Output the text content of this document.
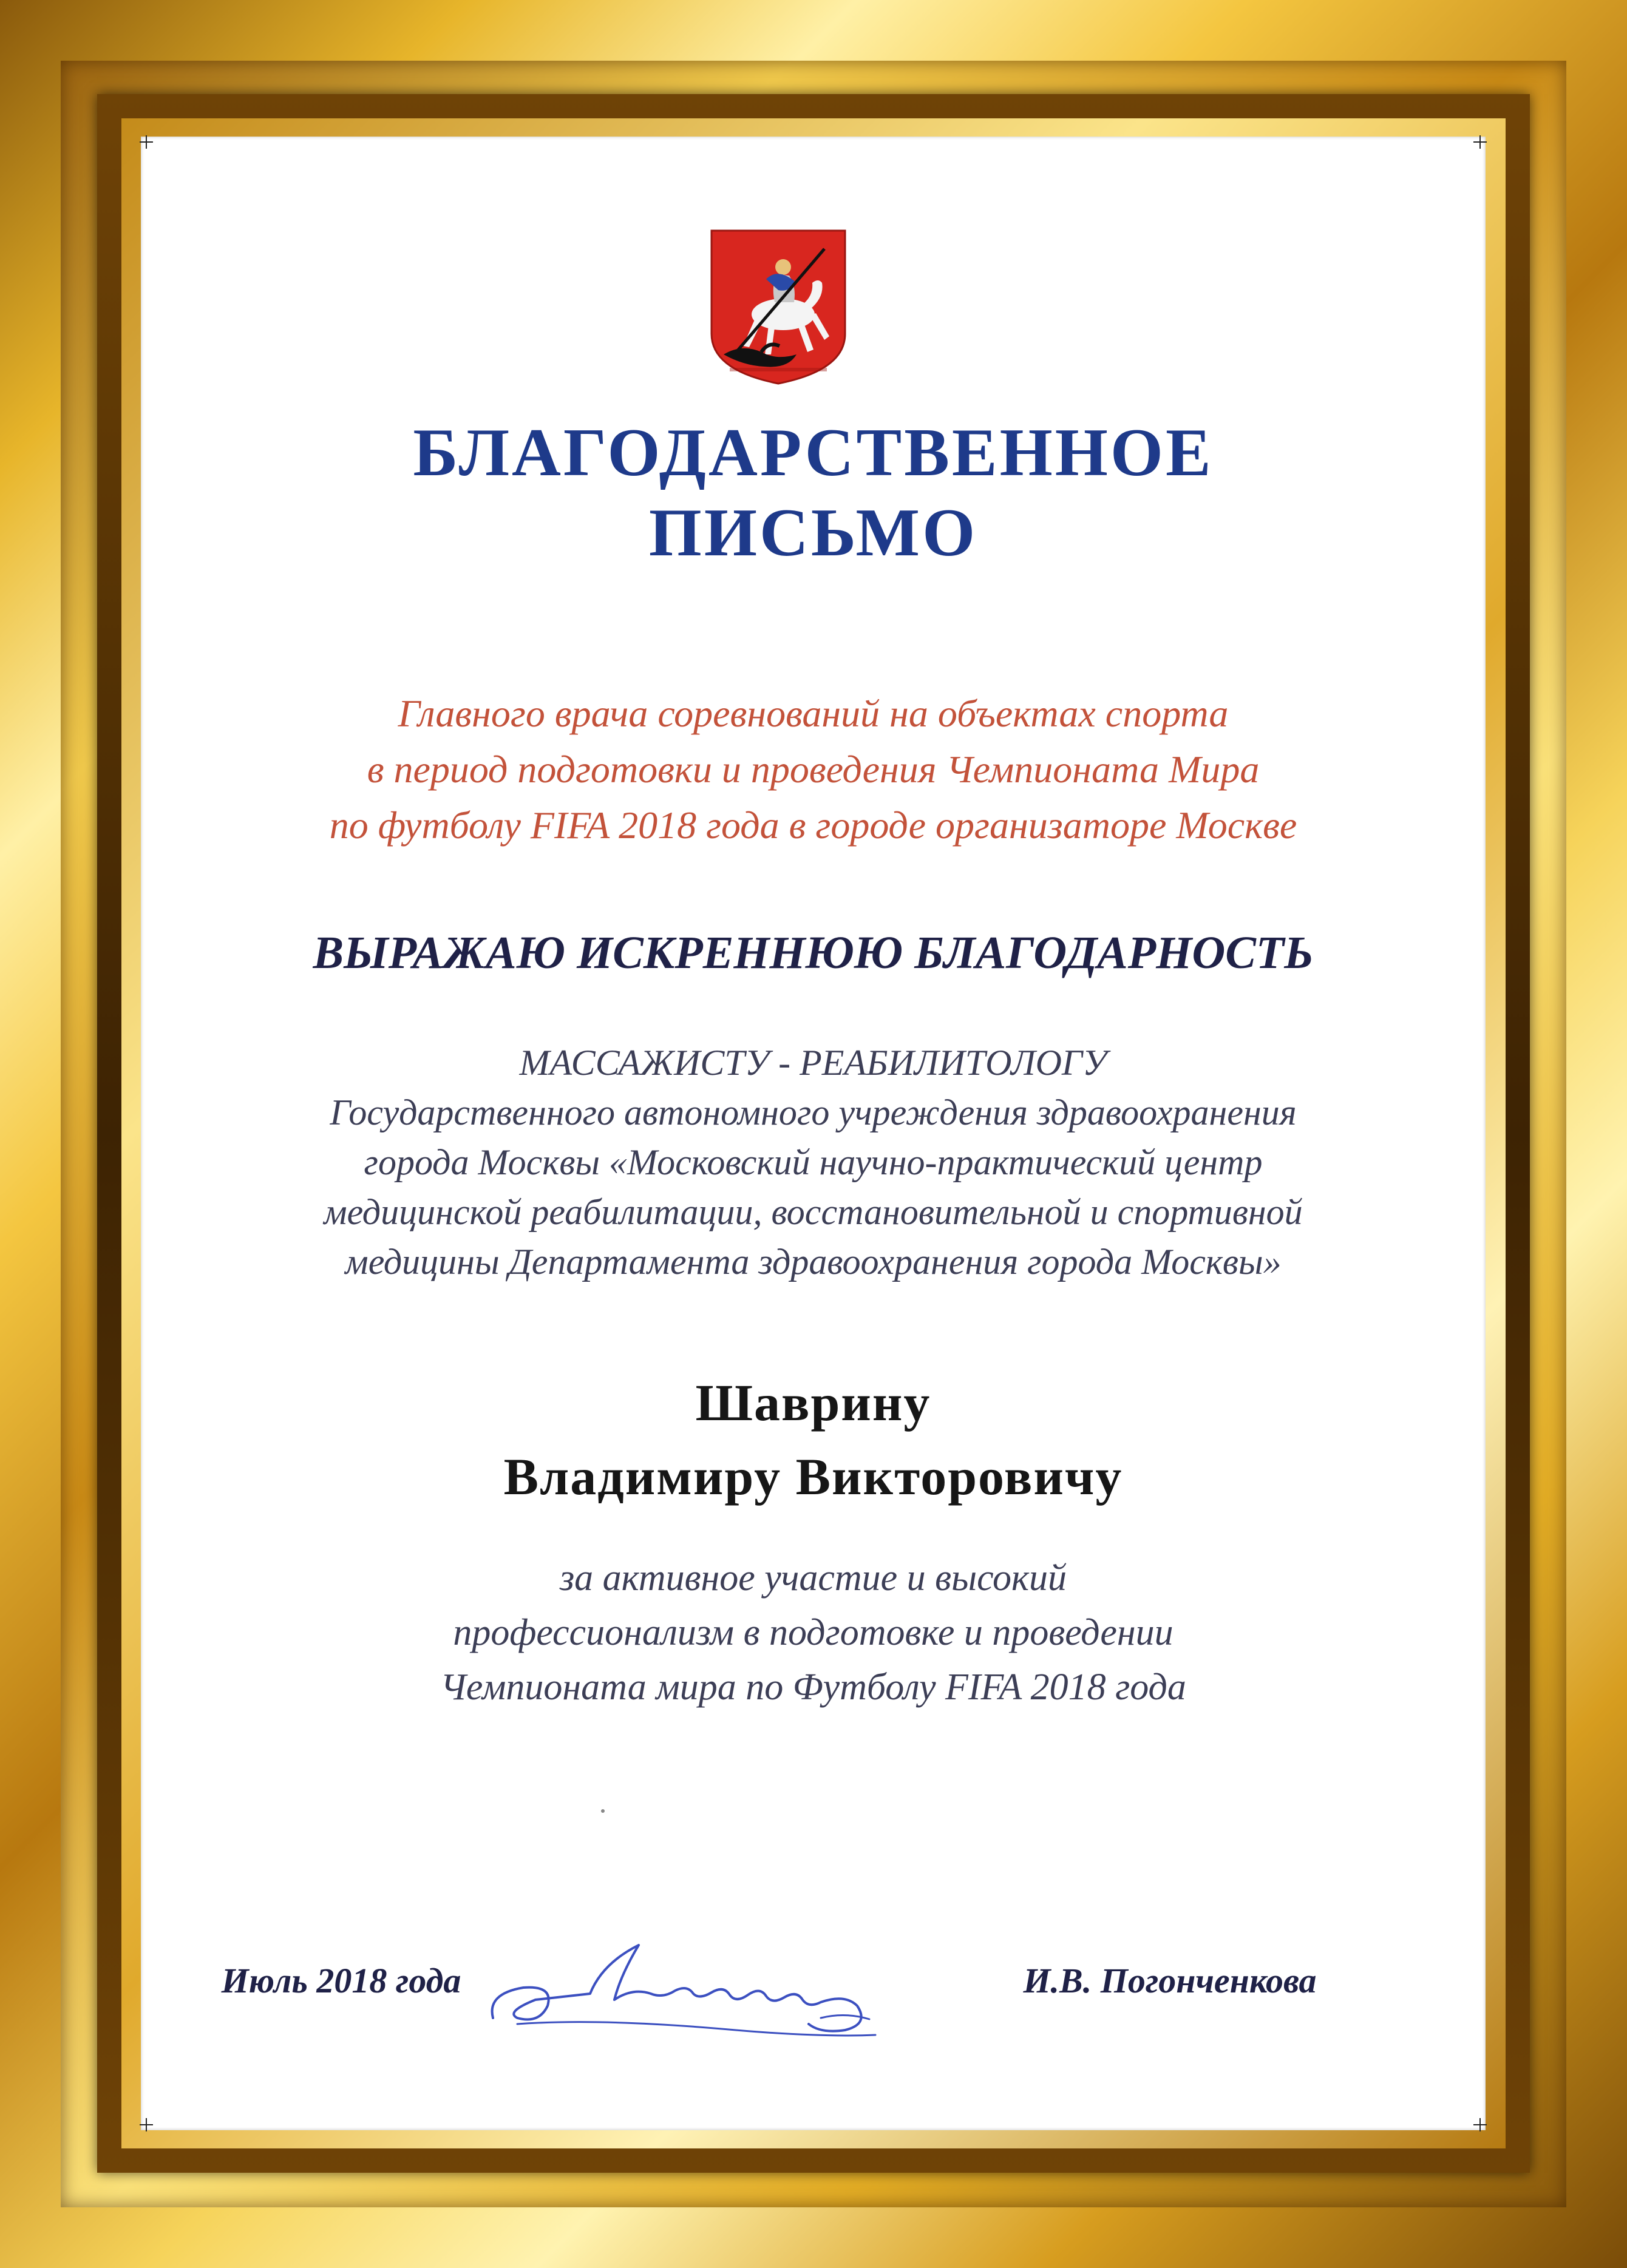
БЛАГОДАРСТВЕННОЕ
ПИСЬМО
Главного врача соревнований на объектах спорта
в период подготовки и проведения Чемпионата Мира
по футболу FIFA 2018 года в городе организаторе Москве
ВЫРАЖАЮ ИСКРЕННЮЮ БЛАГОДАРНОСТЬ
МАССАЖИСТУ - РЕАБИЛИТОЛОГУ
Государственного автономного учреждения здравоохранения
города Москвы «Московский научно-практический центр
медицинской реабилитации, восстановительной и спортивной
медицины Департамента здравоохранения города Москвы»
Шаврину
Владимиру Викторовичу
за активное участие и высокий
профессионализм в подготовке и проведении
Чемпионата мира по Футболу FIFA 2018 года
Июль 2018 года	И.В. Погонченкова
